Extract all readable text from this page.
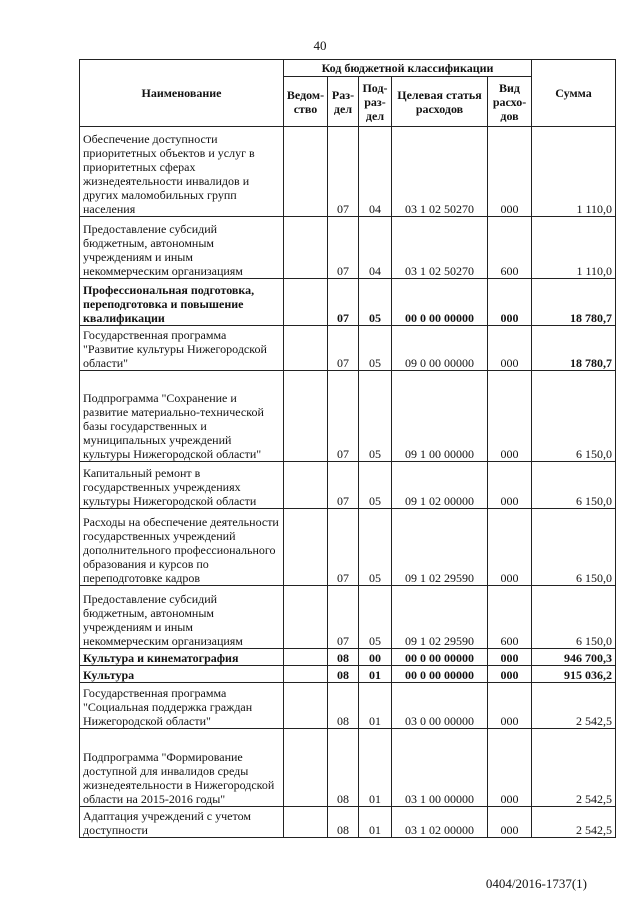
40
Наименование	Код бюджетной классификации					Сумма
	Ведом-ство	Раз-дел	Под-раз-дел	Целевая статья расходов	Вид расхо-дов	
Обеспечение доступности приоритетных объектов и услуг в приоритетных сферах жизнедеятельности инвалидов и других маломобильных групп населения		07	04	03 1 02 50270	000	1 110,0
Предоставление субсидий бюджетным, автономным учреждениям и иным некоммерческим организациям		07	04	03 1 02 50270	600	1 110,0
Профессиональная подготовка, переподготовка и повышение квалификации		07	05	00 0 00 00000	000	18 780,7
Государственная программа "Развитие культуры Нижегородской области"		07	05	09 0 00 00000	000	18 780,7
Подпрограмма "Сохранение и развитие материально-технической базы государственных и муниципальных учреждений культуры Нижегородской области"		07	05	09 1 00 00000	000	6 150,0
Капитальный ремонт в государственных учреждениях культуры Нижегородской области		07	05	09 1 02 00000	000	6 150,0
Расходы на обеспечение деятельности государственных учреждений дополнительного профессионального образования и курсов по переподготовке кадров		07	05	09 1 02 29590	000	6 150,0
Предоставление субсидий бюджетным, автономным учреждениям и иным некоммерческим организациям		07	05	09 1 02 29590	600	6 150,0
Культура и кинематография		08	00	00 0 00 00000	000	946 700,3
Культура		08	01	00 0 00 00000	000	915 036,2
Государственная программа "Социальная поддержка граждан Нижегородской области"		08	01	03 0 00 00000	000	2 542,5
Подпрограмма "Формирование доступной для инвалидов среды жизнедеятельности в Нижегородской области на 2015-2016 годы"		08	01	03 1 00 00000	000	2 542,5
Адаптация учреждений с учетом доступности		08	01	03 1 02 00000	000	2 542,5
0404/2016-1737(1)
